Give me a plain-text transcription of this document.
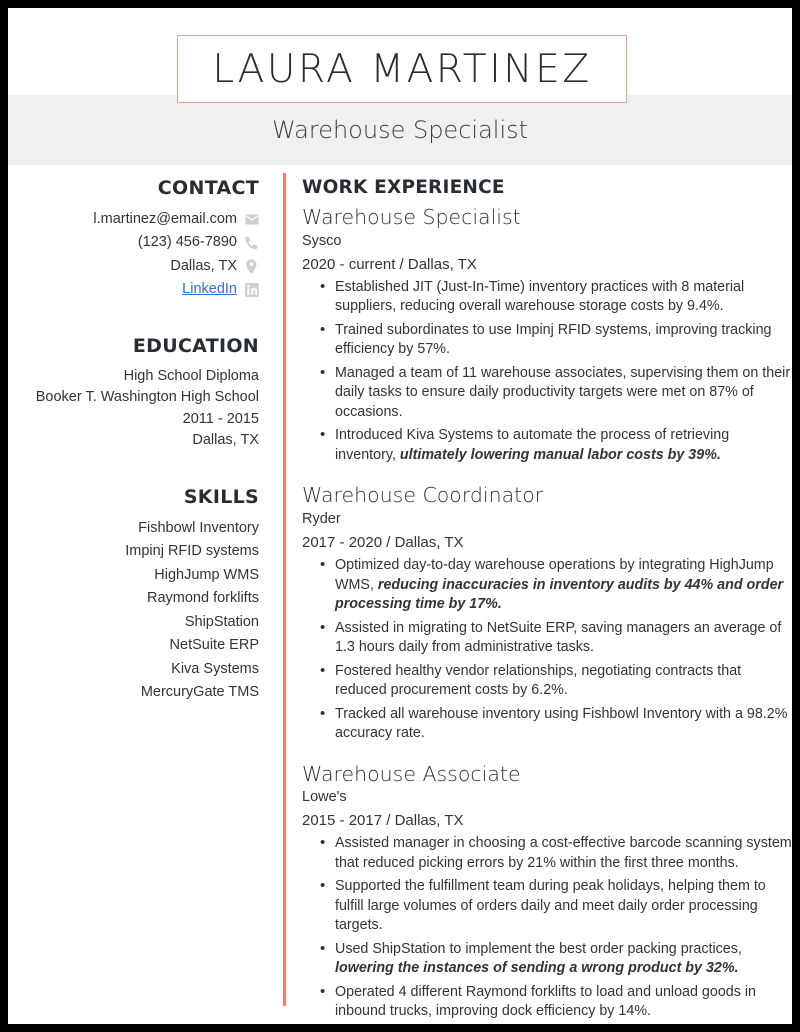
LAURA MARTINEZ
Warehouse Specialist
CONTACT
l.martinez@email.com
(123) 456-7890
Dallas, TX
LinkedIn
EDUCATION
High School Diploma
Booker T. Washington High School
2011 - 2015
Dallas, TX
SKILLS
Fishbowl Inventory
Impinj RFID systems
HighJump WMS
Raymond forklifts
ShipStation
NetSuite ERP
Kiva Systems
MercuryGate TMS
WORK EXPERIENCE
Warehouse Specialist
Sysco
2020 - current / Dallas, TX
• Established JIT (Just-In-Time) inventory practices with 8 material suppliers, reducing overall warehouse storage costs by 9.4%.
• Trained subordinates to use Impinj RFID systems, improving tracking efficiency by 57%.
• Managed a team of 11 warehouse associates, supervising them on their daily tasks to ensure daily productivity targets were met on 87% of occasions.
• Introduced Kiva Systems to automate the process of retrieving inventory, ultimately lowering manual labor costs by 39%.
Warehouse Coordinator
Ryder
2017 - 2020 / Dallas, TX
• Optimized day-to-day warehouse operations by integrating HighJump WMS, reducing inaccuracies in inventory audits by 44% and order processing time by 17%.
• Assisted in migrating to NetSuite ERP, saving managers an average of 1.3 hours daily from administrative tasks.
• Fostered healthy vendor relationships, negotiating contracts that reduced procurement costs by 6.2%.
• Tracked all warehouse inventory using Fishbowl Inventory with a 98.2% accuracy rate.
Warehouse Associate
Lowe's
2015 - 2017 / Dallas, TX
• Assisted manager in choosing a cost-effective barcode scanning system that reduced picking errors by 21% within the first three months.
• Supported the fulfillment team during peak holidays, helping them to fulfill large volumes of orders daily and meet daily order processing targets.
• Used ShipStation to implement the best order packing practices, lowering the instances of sending a wrong product by 32%.
• Operated 4 different Raymond forklifts to load and unload goods in inbound trucks, improving dock efficiency by 14%.
